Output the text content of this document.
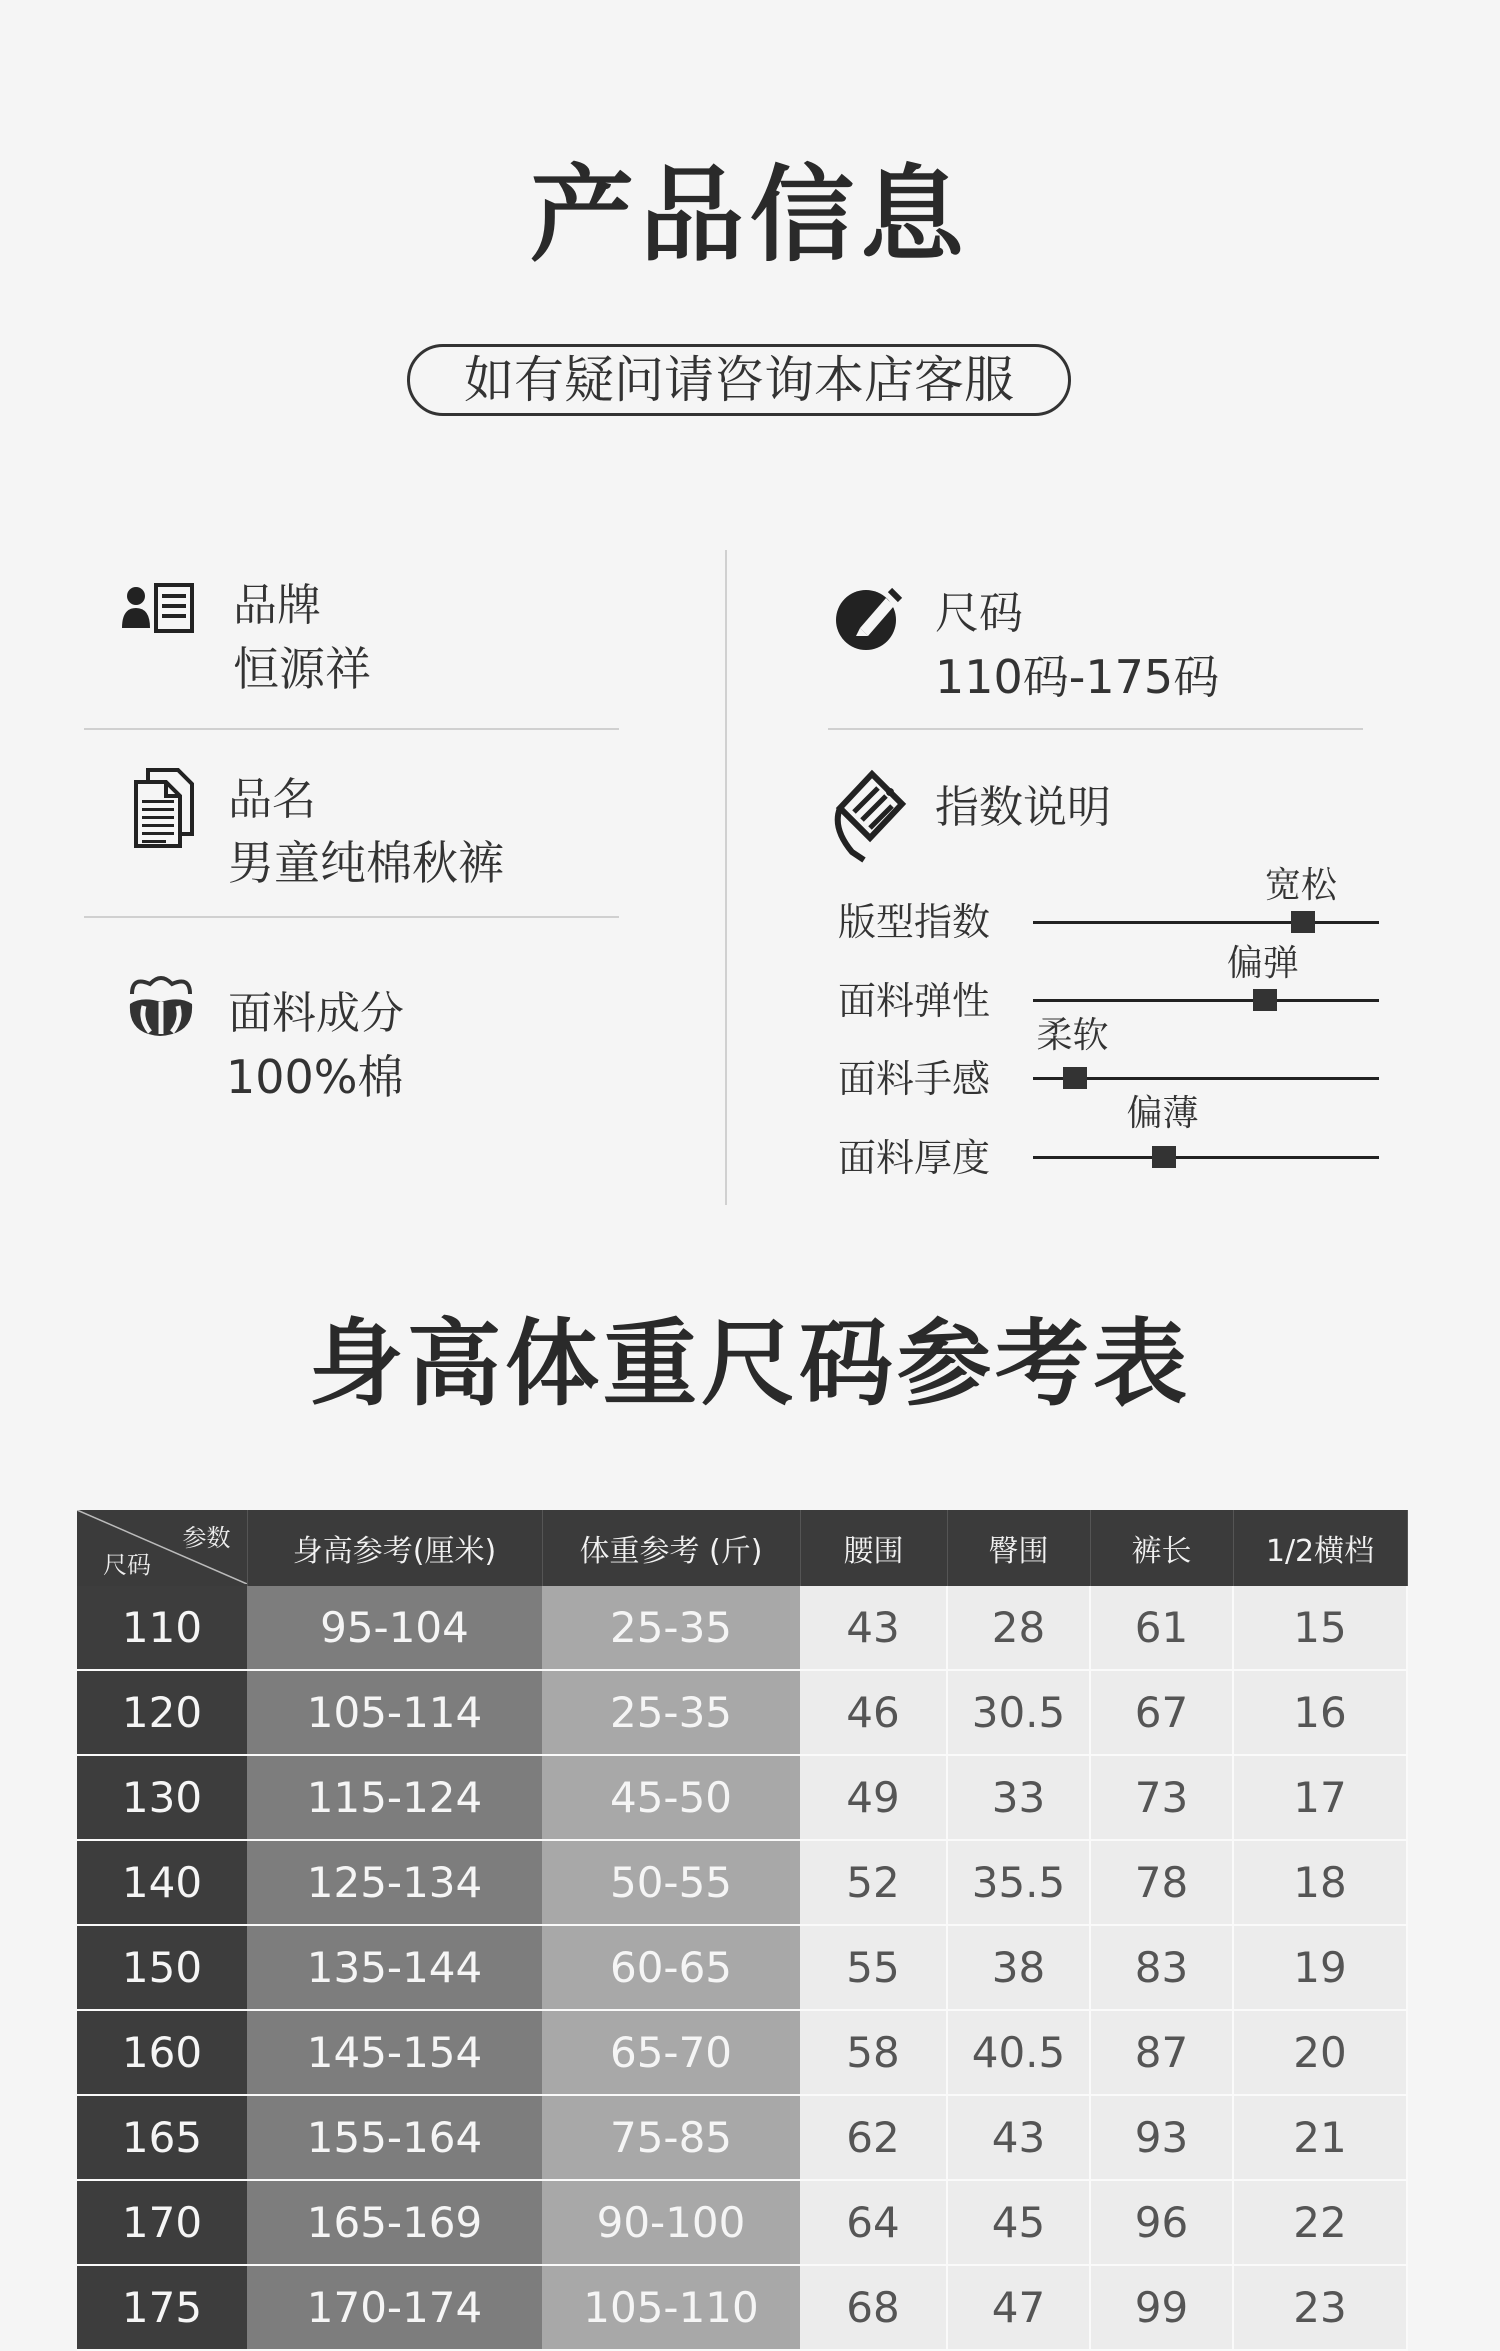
产品信息
如有疑问请咨询本店客服
品牌
恒源祥
品名
男童纯棉秋裤
面料成分
100%棉
尺码
110码-175码
指数说明
版型指数
宽松
面料弹性
偏弹
面料手感
柔软
面料厚度
偏薄
身高体重尺码参考表
参数
尺码	身高参考(厘米)	体重参考 (斤)	腰围	臀围	裤长	1/2横档
110	95-104	25-35	43	28	61	15
120	105-114	25-35	46	30.5	67	16
130	115-124	45-50	49	33	73	17
140	125-134	50-55	52	35.5	78	18
150	135-144	60-65	55	38	83	19
160	145-154	65-70	58	40.5	87	20
165	155-164	75-85	62	43	93	21
170	165-169	90-100	64	45	96	22
175	170-174	105-110	68	47	99	23
